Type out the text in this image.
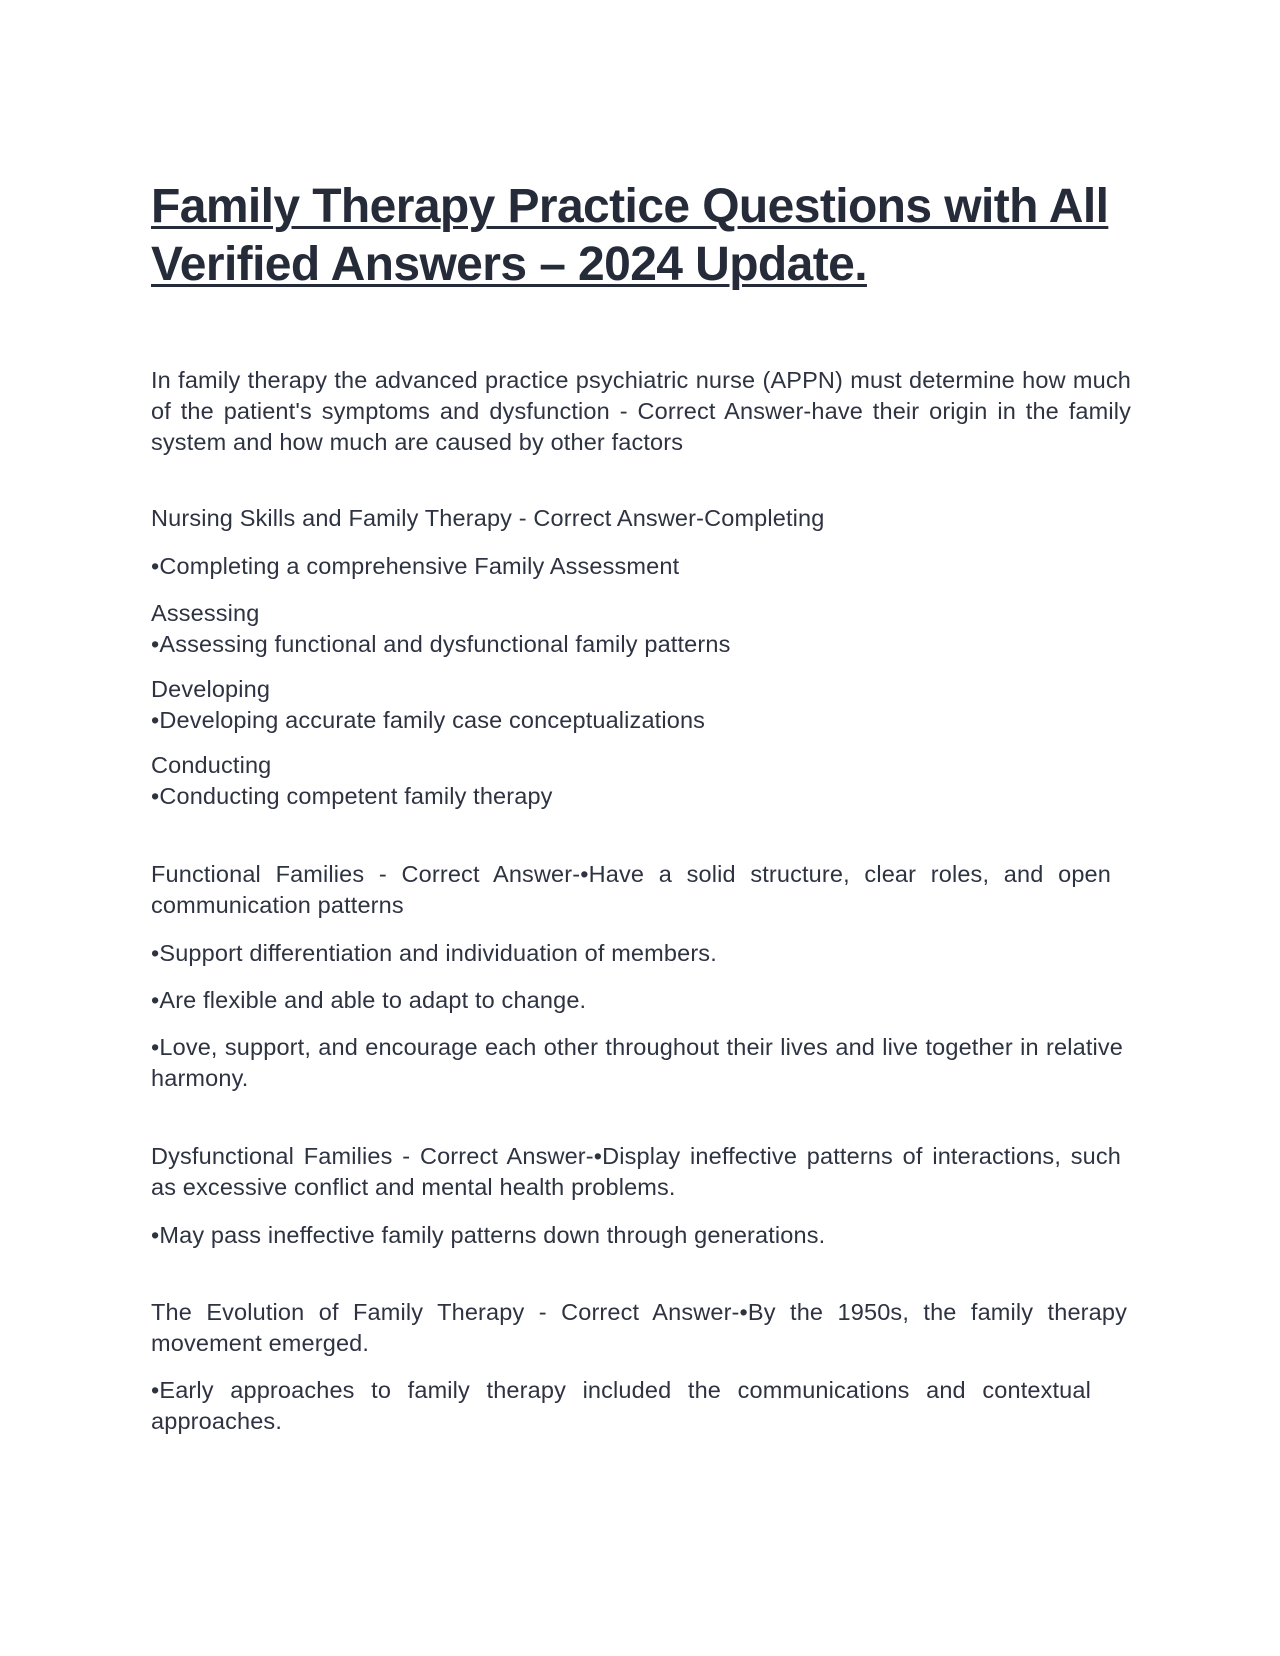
Family Therapy Practice Questions with All Verified Answers – 2024 Update.

In family therapy the advanced practice psychiatric nurse (APPN) must determine how much of the patient's symptoms and dysfunction - Correct Answer-have their origin in the family system and how much are caused by other factors

Nursing Skills and Family Therapy - Correct Answer-Completing

•Completing a comprehensive Family Assessment

Assessing

•Assessing functional and dysfunctional family patterns

Developing

•Developing accurate family case conceptualizations

Conducting

•Conducting competent family therapy

Functional Families - Correct Answer-•Have a solid structure, clear roles, and open communication patterns

•Support differentiation and individuation of members.

•Are flexible and able to adapt to change.

•Love, support, and encourage each other throughout their lives and live together in relative harmony.

Dysfunctional Families - Correct Answer-•Display ineffective patterns of interactions, such as excessive conflict and mental health problems.

•May pass ineffective family patterns down through generations.

The Evolution of Family Therapy - Correct Answer-•By the 1950s, the family therapy movement emerged.

•Early approaches to family therapy included the communications and contextual approaches.
